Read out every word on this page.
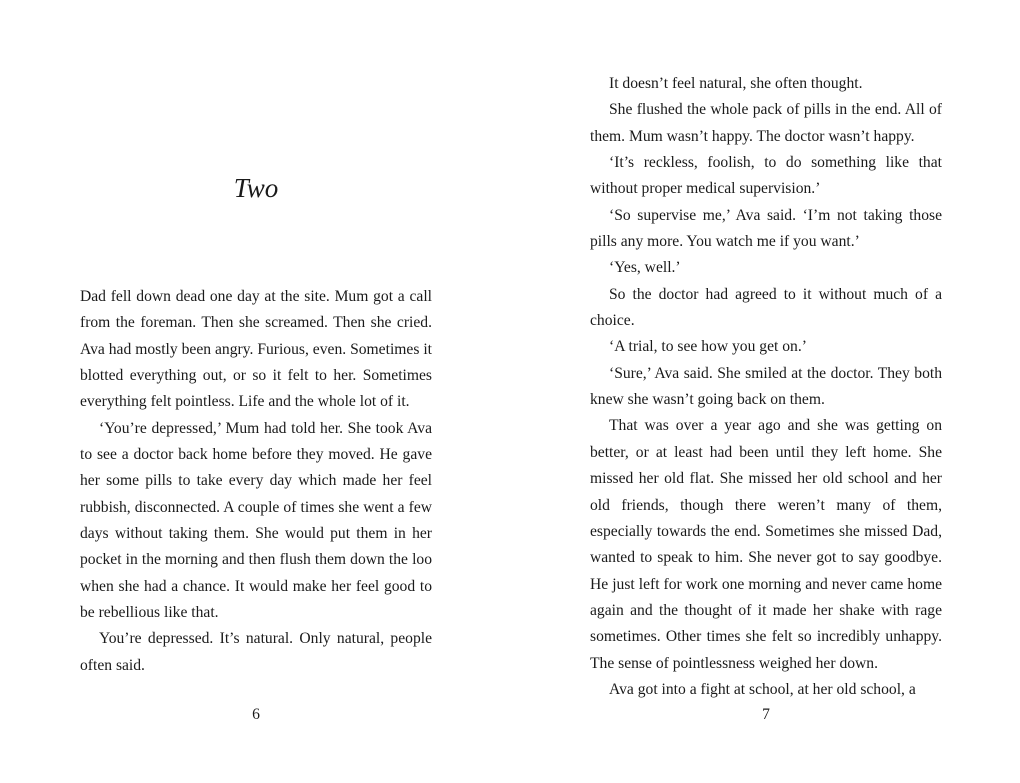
Two

Dad fell down dead one day at the site. Mum got a call from the foreman. Then she screamed. Then she cried. Ava had mostly been angry. Furious, even. Sometimes it blotted everything out, or so it felt to her. Sometimes everything felt pointless. Life and the whole lot of it.

‘You’re depressed,’ Mum had told her. She took Ava to see a doctor back home before they moved. He gave her some pills to take every day which made her feel rubbish, disconnected. A couple of times she went a few days without taking them. She would put them in her pocket in the morning and then flush them down the loo when she had a chance. It would make her feel good to be rebellious like that.

You’re depressed. It’s natural. Only natural, people often said.

6

It doesn’t feel natural, she often thought.

She flushed the whole pack of pills in the end. All of them. Mum wasn’t happy. The doctor wasn’t happy.

‘It’s reckless, foolish, to do something like that without proper medical supervision.’

‘So supervise me,’ Ava said. ‘I’m not taking those pills any more. You watch me if you want.’

‘Yes, well.’

So the doctor had agreed to it without much of a choice.

‘A trial, to see how you get on.’

‘Sure,’ Ava said. She smiled at the doctor. They both knew she wasn’t going back on them.

That was over a year ago and she was getting on better, or at least had been until they left home. She missed her old flat. She missed her old school and her old friends, though there weren’t many of them, especially towards the end. Sometimes she missed Dad, wanted to speak to him. She never got to say goodbye. He just left for work one morning and never came home again and the thought of it made her shake with rage sometimes. Other times she felt so incredibly unhappy. The sense of pointlessness weighed her down.

Ava got into a fight at school, at her old school, a

7
